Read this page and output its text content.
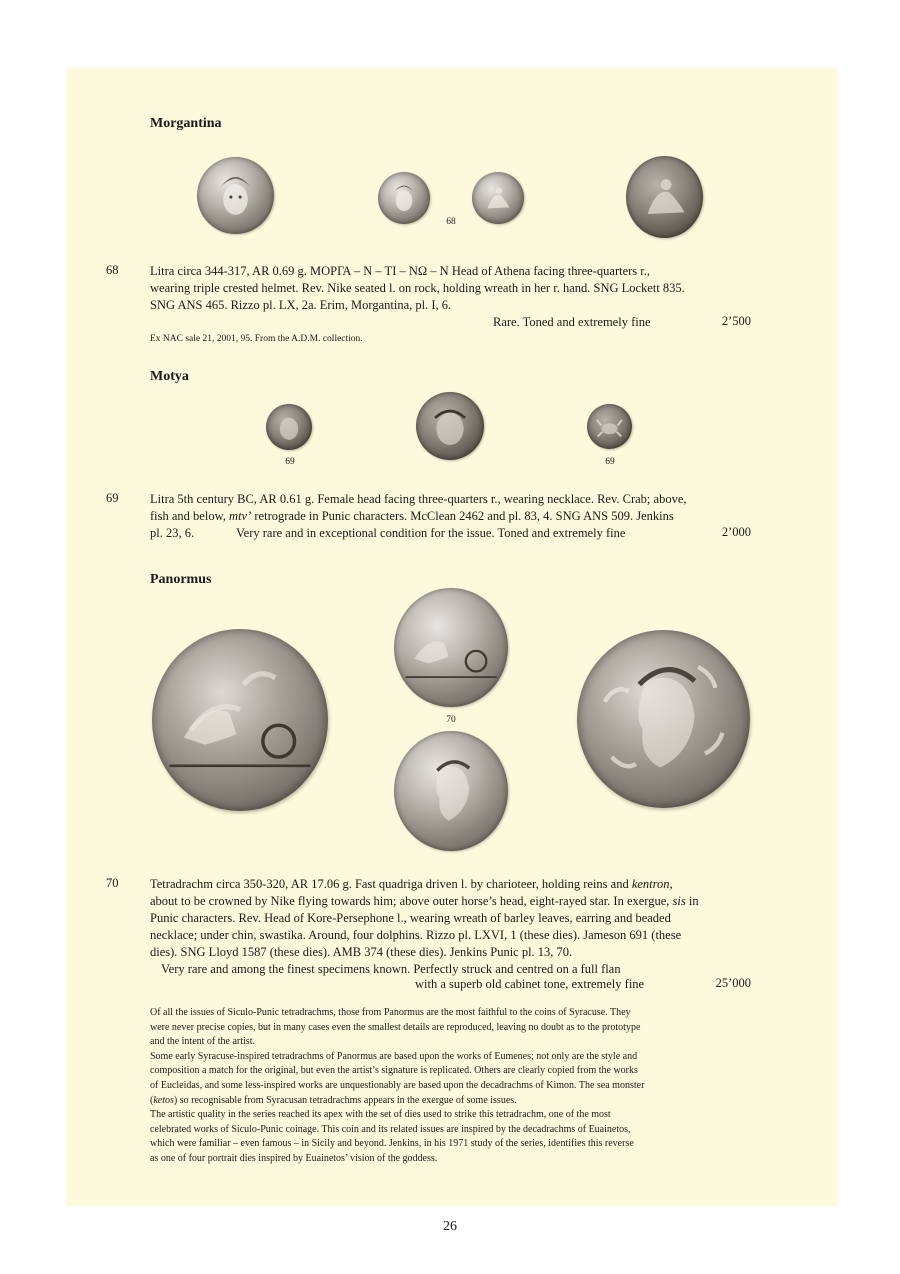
Morgantina
68
68	Litra circa 344-317, AR 0.69 g. ΜΟΡΓΑ – Ν – ΤΙ – ΝΩ – Ν Head of Athena facing three-quarters r.,
wearing triple crested helmet. Rev. Nike seated l. on rock, holding wreath in her r. hand. SNG Lockett 835.
SNG ANS 465. Rizzo pl. LX, 2a. Erim, Morgantina, pl. I, 6.
Rare. Toned and extremely fine	2’500
Ex NAC sale 21, 2001, 95. From the A.D.M. collection.
Motya
69	69
69	Litra 5th century BC, AR 0.61 g. Female head facing three-quarters r., wearing necklace. Rev. Crab; above,
fish and below, mtv’ retrograde in Punic characters. McClean 2462 and pl. 83, 4. SNG ANS 509. Jenkins
pl. 23, 6.	Very rare and in exceptional condition for the issue. Toned and extremely fine	2’000
Panormus
70
70	Tetradrachm circa 350-320, AR 17.06 g. Fast quadriga driven l. by charioteer, holding reins and kentron,
about to be crowned by Nike flying towards him; above outer horse’s head, eight-rayed star. In exergue, sis in
Punic characters. Rev. Head of Kore-Persephone l., wearing wreath of barley leaves, earring and beaded
necklace; under chin, swastika. Around, four dolphins. Rizzo pl. LXVI, 1 (these dies). Jameson 691 (these
dies). SNG Lloyd 1587 (these dies). AMB 374 (these dies). Jenkins Punic pl. 13, 70.
Very rare and among the finest specimens known. Perfectly struck and centred on a full flan
with a superb old cabinet tone, extremely fine	25’000
Of all the issues of Siculo-Punic tetradrachms, those from Panormus are the most faithful to the coins of Syracuse. They
were never precise copies, but in many cases even the smallest details are reproduced, leaving no doubt as to the prototype
and the intent of the artist.
Some early Syracuse-inspired tetradrachms of Panormus are based upon the works of Eumenes; not only are the style and
composition a match for the original, but even the artist’s signature is replicated. Others are clearly copied from the works
of Eucleidas, and some less-inspired works are unquestionably are based upon the decadrachms of Kimon. The sea monster
(ketos) so recognisable from Syracusan tetradrachms appears in the exergue of some issues.
The artistic quality in the series reached its apex with the set of dies used to strike this tetradrachm, one of the most
celebrated works of Siculo-Punic coinage. This coin and its related issues are inspired by the decadrachms of Euainetos,
which were familiar – even famous – in Sicily and beyond. Jenkins, in his 1971 study of the series, identifies this reverse
as one of four portrait dies inspired by Euainetos’ vision of the goddess.
26
